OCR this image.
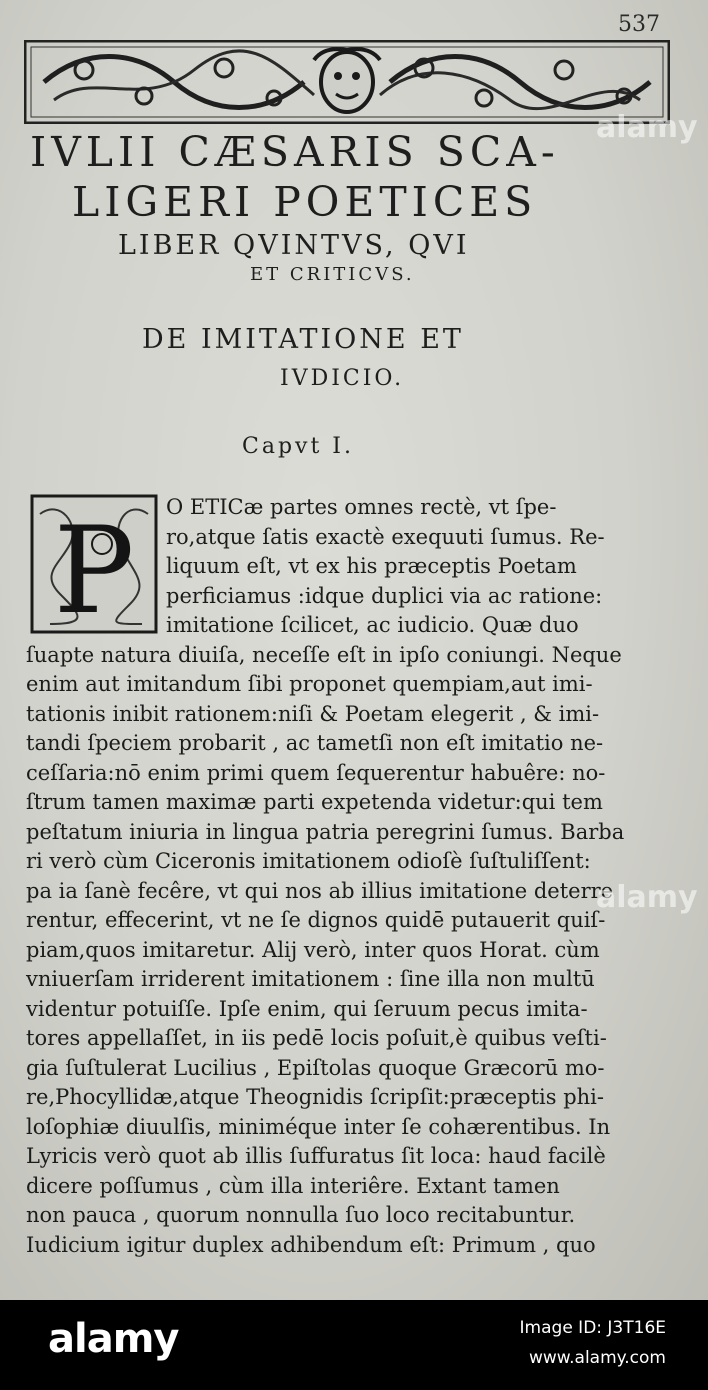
537
IVLII CÆSARIS SCA-
LIGERI POETICES
LIBER QVINTVS, QVI
ET CRITICVS.
DE IMITATIONE ET
IVDICIO.
Capvt I.
P O ETICæ partes omnes rectè, vt ſpe-
ro,atque ſatis exactè exequuti ſumus. Re-
liquum eſt, vt ex his præceptis Poetam
perficiamus :idque duplici via ac ratione:
imitatione ſcilicet, ac iudicio. Quæ duo
ſuapte natura diuiſa, neceſſe eſt in ipſo coniungi. Neque
enim aut imitandum ſibi proponet quempiam,aut imi-
tationis inibit rationem:niſi & Poetam elegerit , & imi-
tandi ſpeciem probarit , ac tametſi non eſt imitatio ne-
ceſſaria:nō enim primi quem ſequerentur habuêre: no-
ſtrum tamen maximæ parti expetenda videtur:qui tem
peſtatum iniuria in lingua patria peregrini ſumus. Barba
ri verò cùm Ciceronis imitationem odioſè ſuſtuliſſent:
pa ia ſanè fecêre, vt qui nos ab illius imitatione deterre
rentur, effecerint, vt ne ſe dignos quidē putauerit quiſ-
piam,quos imitaretur. Alij verò, inter quos Horat. cùm
vniuerſam irriderent imitationem : ſine illa non multū
videntur potuiſſe. Ipſe enim, qui ſeruum pecus imita-
tores appellaſſet, in iis pedē locis poſuit,è quibus veſti-
gia ſuſtulerat Lucilius , Epiſtolas quoque Græcorū mo-
re,Phocyllidæ,atque Theognidis ſcripſit:præceptis phi-
loſophiæ diuulſis, miniméque inter ſe cohærentibus. In
Lyricis verò quot ab illis ſuffuratus ſit loca: haud facilè
dicere poſſumus , cùm illa interiêre. Extant tamen
non pauca , quorum nonnulla ſuo loco recitabuntur.
Iudicium igitur duplex adhibendum eſt: Primum , quo
alamy
alamy
alamy	Image ID: J3T16E
www.alamy.com
